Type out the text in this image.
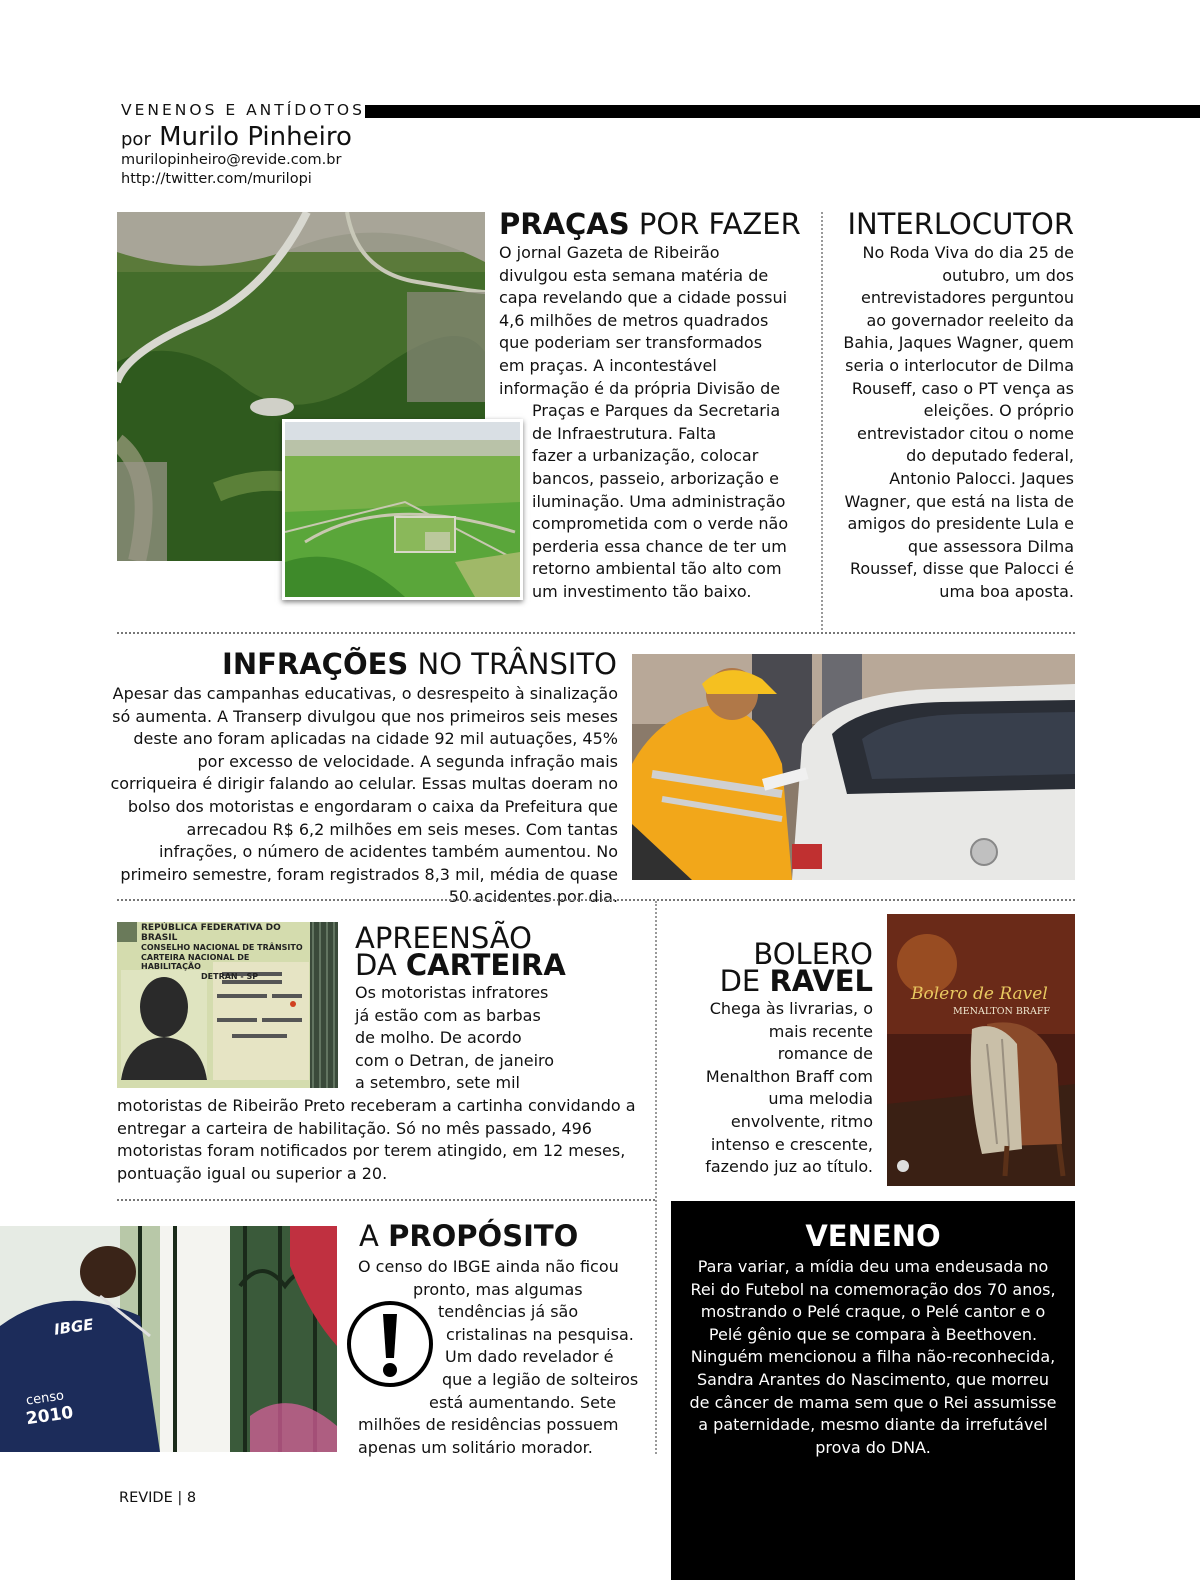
VENENOS E ANTÍDOTOS
por Murilo Pinheiro
murilopinheiro@revide.com.br
http://twitter.com/murilopi
PRAÇAS POR FAZER

O jornal Gazeta de Ribeirão
divulgou esta semana matéria de
capa revelando que a cidade possui
4,6 milhões de metros quadrados
que poderiam ser transformados
em praças. A incontestável
informação é da própria Divisão de
Praças e Parques da Secretaria
de Infraestrutura. Falta
fazer a urbanização, colocar
bancos, passeio, arborização e
iluminação. Uma administração
comprometida com o verde não
perderia essa chance de ter um
retorno ambiental tão alto com
um investimento tão baixo.

INTERLOCUTOR

No Roda Viva do dia 25 de outubro, um dos entrevistadores perguntou ao governador reeleito da Bahia, Jaques Wagner, quem seria o interlocutor de Dilma Rouseff, caso o PT vença as eleições. O próprio entrevistador citou o nome do deputado federal, Antonio Palocci. Jaques Wagner, que está na lista de amigos do presidente Lula e que assessora Dilma Roussef, disse que Palocci é uma boa aposta.

INFRAÇÕES NO TRÂNSITO

Apesar das campanhas educativas, o desrespeito à sinalização só aumenta. A Transerp divulgou que nos primeiros seis meses deste ano foram aplicadas na cidade 92 mil autuações, 45% por excesso de velocidade. A segunda infração mais corriqueira é dirigir falando ao celular. Essas multas doeram no bolso dos motoristas e engordaram o caixa da Prefeitura que arrecadou R$ 6,2 milhões em seis meses. Com tantas infrações, o número de acidentes também aumentou. No primeiro semestre, foram registrados 8,3 mil, média de quase 50 acidentes por dia.

REPÚBLICA FEDERATIVA DO BRASIL
CONSELHO NACIONAL DE TRÂNSITO
CARTEIRA NACIONAL DE HABILITAÇÃO
DETRAN - SP
APREENSÃO
DA CARTEIRA

Os motoristas infratores já estão com as barbas de molho. De acordo com o Detran, de janeiro a setembro, sete mil

motoristas de Ribeirão Preto receberam a cartinha convidando a entregar a carteira de habilitação. Só no mês passado, 496 motoristas foram notificados por terem atingido, em 12 meses, pontuação igual ou superior a 20.

BOLERO
DE RAVEL

Chega às livrarias, o mais recente romance de Menalthon Braff com uma melodia envolvente, ritmo intenso e crescente, fazendo juz ao título.

Bolero de Ravel
MENALTON BRAFF
IBGE
censo
2010
A PROPÓSITO
O censo do IBGE ainda não ficou
pronto, mas algumas
tendências já são
cristalinas na pesquisa.
Um dado revelador é
que a legião de solteiros
está aumentando. Sete
milhões de residências possuem
apenas um solitário morador.
VENENO

Para variar, a mídia deu uma endeusada no Rei do Futebol na comemoração dos 70 anos, mostrando o Pelé craque, o Pelé cantor e o Pelé gênio que se compara à Beethoven. Ninguém mencionou a filha não-reconhecida, Sandra Arantes do Nascimento, que morreu de câncer de mama sem que o Rei assumisse a paternidade, mesmo diante da irrefutável prova do DNA.

REVIDE | 8
